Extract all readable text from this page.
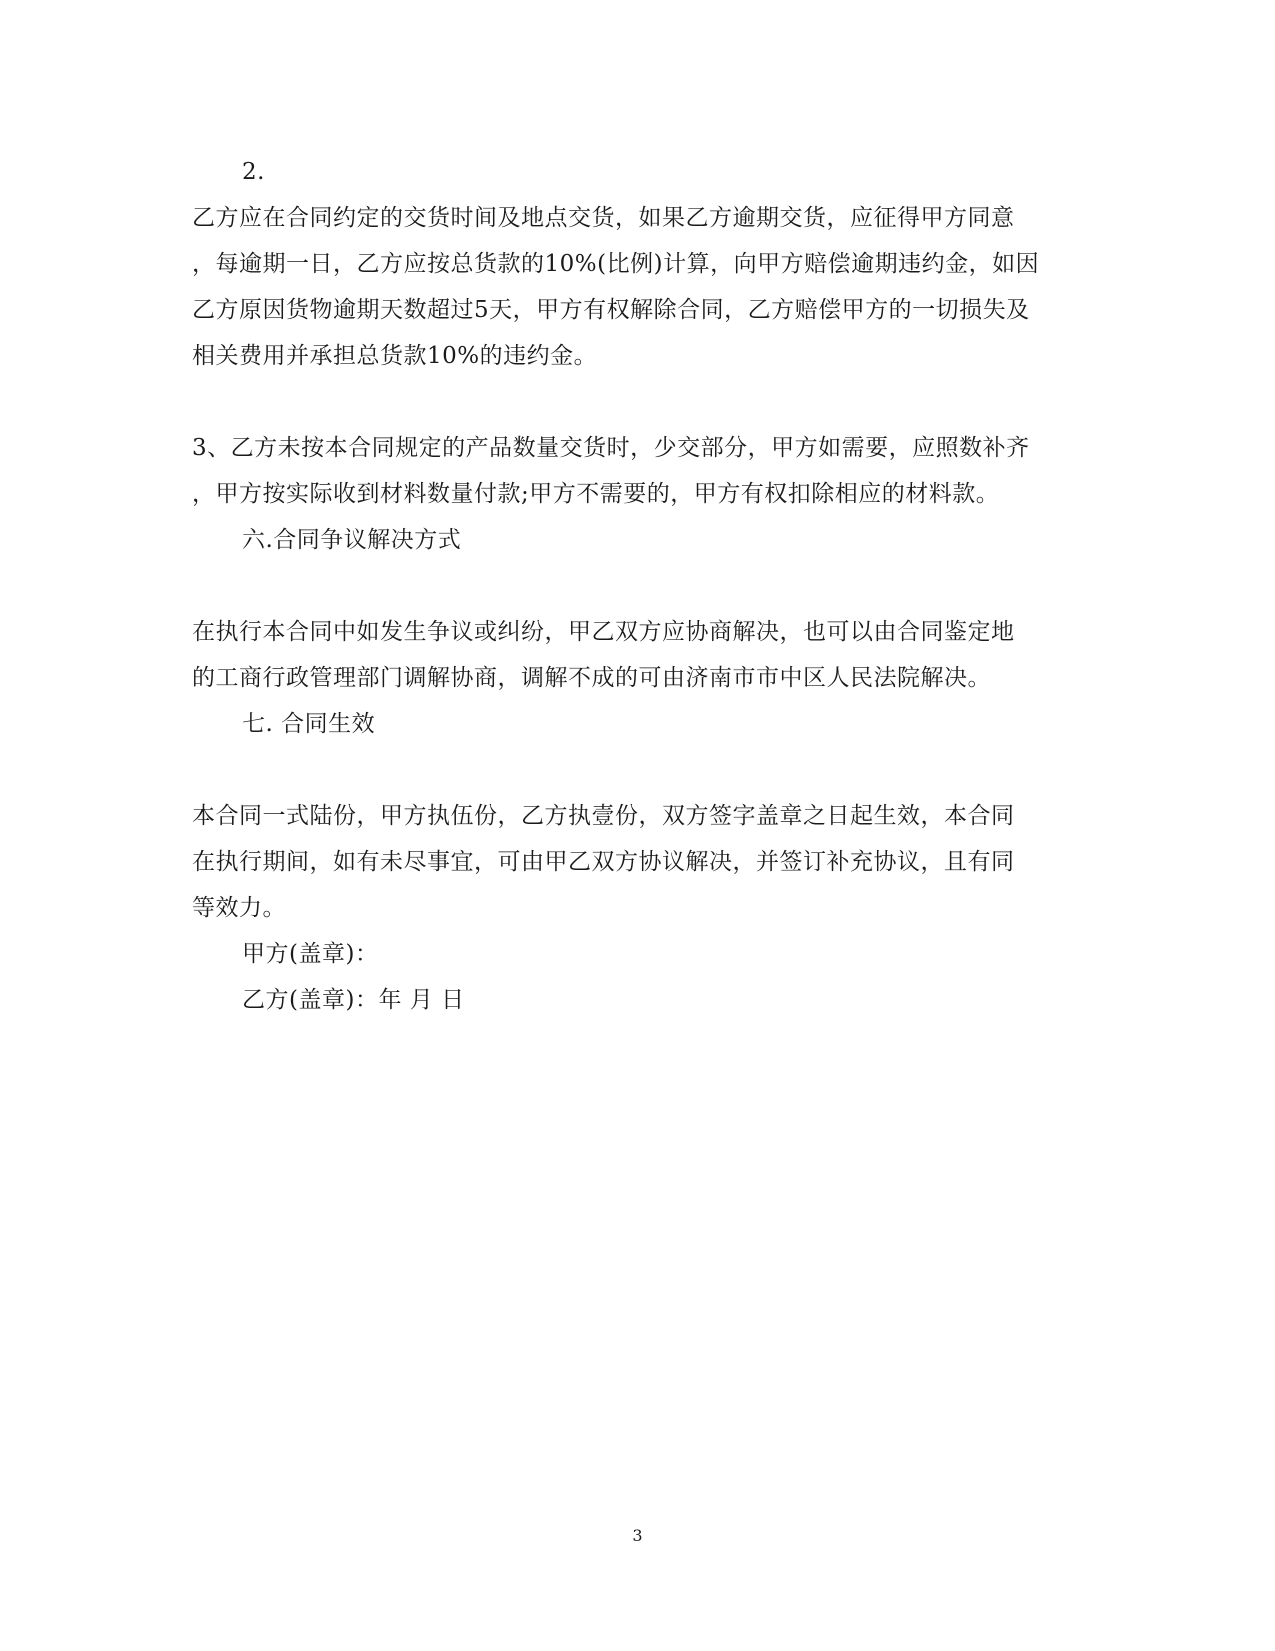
2.
乙方应在合同约定的交货时间及地点交货，如果乙方逾期交货，应征得甲方同意
，每逾期一日，乙方应按总货款的10%(比例)计算，向甲方赔偿逾期违约金，如因
乙方原因货物逾期天数超过5天，甲方有权解除合同，乙方赔偿甲方的一切损失及
相关费用并承担总货款10%的违约金。
3、乙方未按本合同规定的产品数量交货时，少交部分，甲方如需要，应照数补齐
，甲方按实际收到材料数量付款;甲方不需要的，甲方有权扣除相应的材料款。
六.合同争议解决方式
在执行本合同中如发生争议或纠纷，甲乙双方应协商解决，也可以由合同鉴定地
的工商行政管理部门调解协商，调解不成的可由济南市市中区人民法院解决。
七. 合同生效
本合同一式陆份，甲方执伍份，乙方执壹份，双方签字盖章之日起生效，本合同
在执行期间，如有未尽事宜，可由甲乙双方协议解决，并签订补充协议，且有同
等效力。
甲方(盖章)：
乙方(盖章)：年 月 日
3
